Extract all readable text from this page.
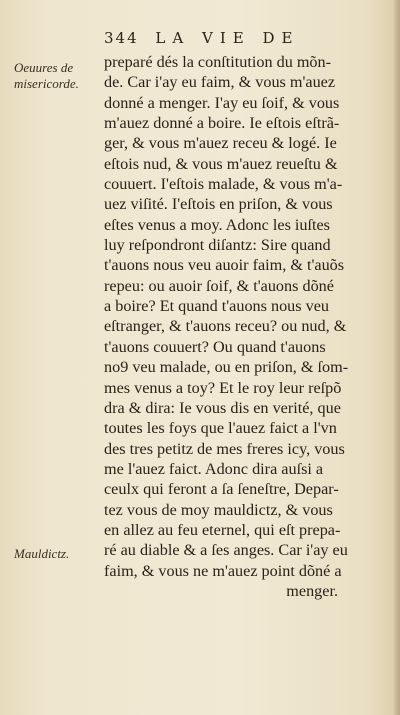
344 LA VIE DE
Oeuures de misericorde.
Mauldictz.
preparé dés la conſtitution du mõn-
de. Car i'ay eu faim, & vous m'auez
donné a menger. I'ay eu ſoif, & vous
m'auez donné a boire. Ie eſtois eſtrã-
ger, & vous m'auez receu & logé. Ie
eſtois nud, & vous m'auez reueſtu &
couuert. I'eſtois malade, & vous m'a-
uez viſité. I'eſtois en priſon, & vous
eſtes venus a moy. Adonc les iuſtes
luy reſpondront diſantz: Sire quand
t'auons nous veu auoir faim, & t'auõs
repeu: ou auoir ſoif, & t'auons dõné
a boire? Et quand t'auons nous veu
eſtranger, & t'auons receu? ou nud, &
t'auons couuert? Ou quand t'auons
no9 veu malade, ou en priſon, & ſom-
mes venus a toy? Et le roy leur reſpõ
dra & dira: Ie vous dis en verité, que
toutes les foys que l'auez faict a l'vn
des tres petitz de mes freres icy, vous
me l'auez faict. Adonc dira auſsi a
ceulx qui feront a ſa ſeneſtre, Depar-
tez vous de moy mauldictz, & vous
en allez au feu eternel, qui eſt prepa-
ré au diable & a ſes anges. Car i'ay eu
faim, & vous ne m'auez point dõné a
menger.
